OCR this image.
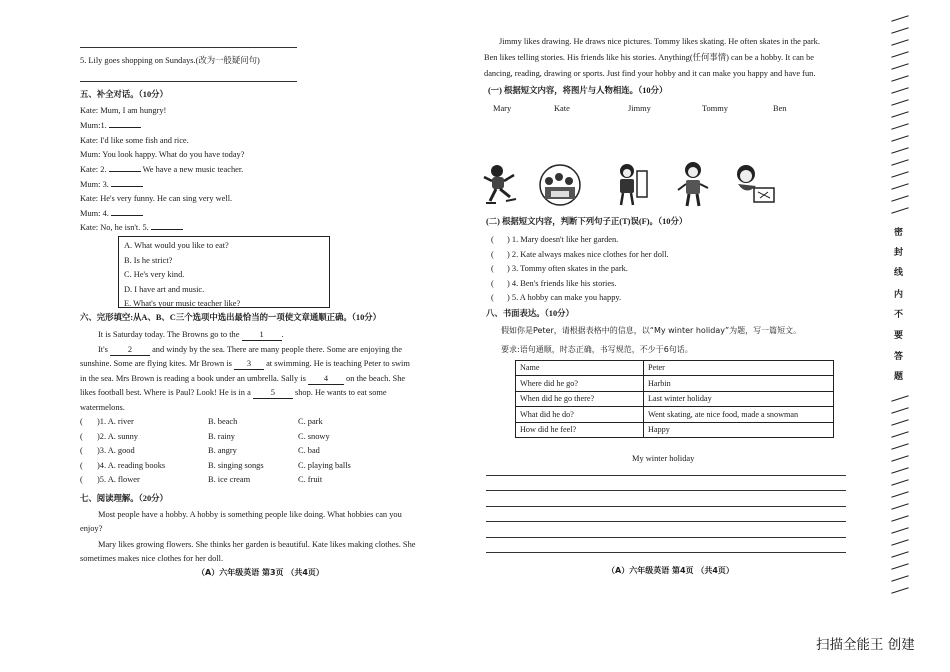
5. Lily goes shopping on Sundays.(改为一般疑问句)
五、补全对话。（10分）
Kate: Mum, I am hungry!
Mum:1.
Kate: I'd like some fish and rice.
Mum: You look happy. What do you have today?
Kate: 2.	We have a new music teacher.
Mum: 3.
Kate: He's very funny. He can sing very well.
Mum: 4.
Kate: No, he isn't. 5.
A. What would you like to eat?
B. Is he strict?
C. He's very kind.
D. I have art and music.
E. What's your music teacher like?
六、完形填空:从A、B、C三个选项中选出最恰当的一项使文章通顺正确。（10分）
It is Saturday today. The Browns go to the 1 .
It's 2 and windy by the sea. There are many people there. Some are enjoying the
sunshine. Some are flying kites. Mr Brown is 3 at swimming. He is teaching Peter to swim
in the sea. Mrs Brown is reading a book under an umbrella. Sally is 4 on the beach. She
likes football best. Where is Paul? Look! He is in a 5 shop. He wants to eat some
watermelons.
( )1. A. river	B. beach	C. park
( )2. A. sunny	B. rainy	C. snowy
( )3. A. good	B. angry	C. bad
( )4. A. reading books	B. singing songs	C. playing balls
( )5. A. flower	B. ice cream	C. fruit
七、阅读理解。（20分）
Most people have a hobby. A hobby is something people like doing. What hobbies can you
enjoy?
Mary likes growing flowers. She thinks her garden is beautiful. Kate likes making clothes. She
sometimes makes nice clothes for her doll.
（A）六年级英语 第3页 （共4页）
Jimmy likes drawing. He draws nice pictures. Tommy likes skating. He often skates in the park.
Ben likes telling stories. His friends like his stories. Anything(任何事情) can be a hobby. It can be
dancing, reading, drawing or sports. Just find your hobby and it can make you happy and have fun.
(一) 根据短文内容，将图片与人物相连。（10分）
Mary	Kate	Jimmy	Tommy	Ben
(二) 根据短文内容，判断下列句子正(T)误(F)。（10分）
( ) 1. Mary doesn't like her garden.
( ) 2. Kate always makes nice clothes for her doll.
( ) 3. Tommy often skates in the park.
( ) 4. Ben's friends like his stories.
( ) 5. A hobby can make you happy.
八、书面表达。（10分）
假如你是Peter，请根据表格中的信息，以“My winter holiday”为题，写一篇短文。
要求:语句通顺，时态正确，书写规范，不少于6句话。
Name	Peter
Where did he go?	Harbin
When did he go there?	Last winter holiday
What did he do?	Went skating, ate nice food, made a snowman
How did he feel?	Happy
My winter holiday
（A）六年级英语 第4页 （共4页）
密
封
线
内
不
要
答
题
扫描全能王 创建
